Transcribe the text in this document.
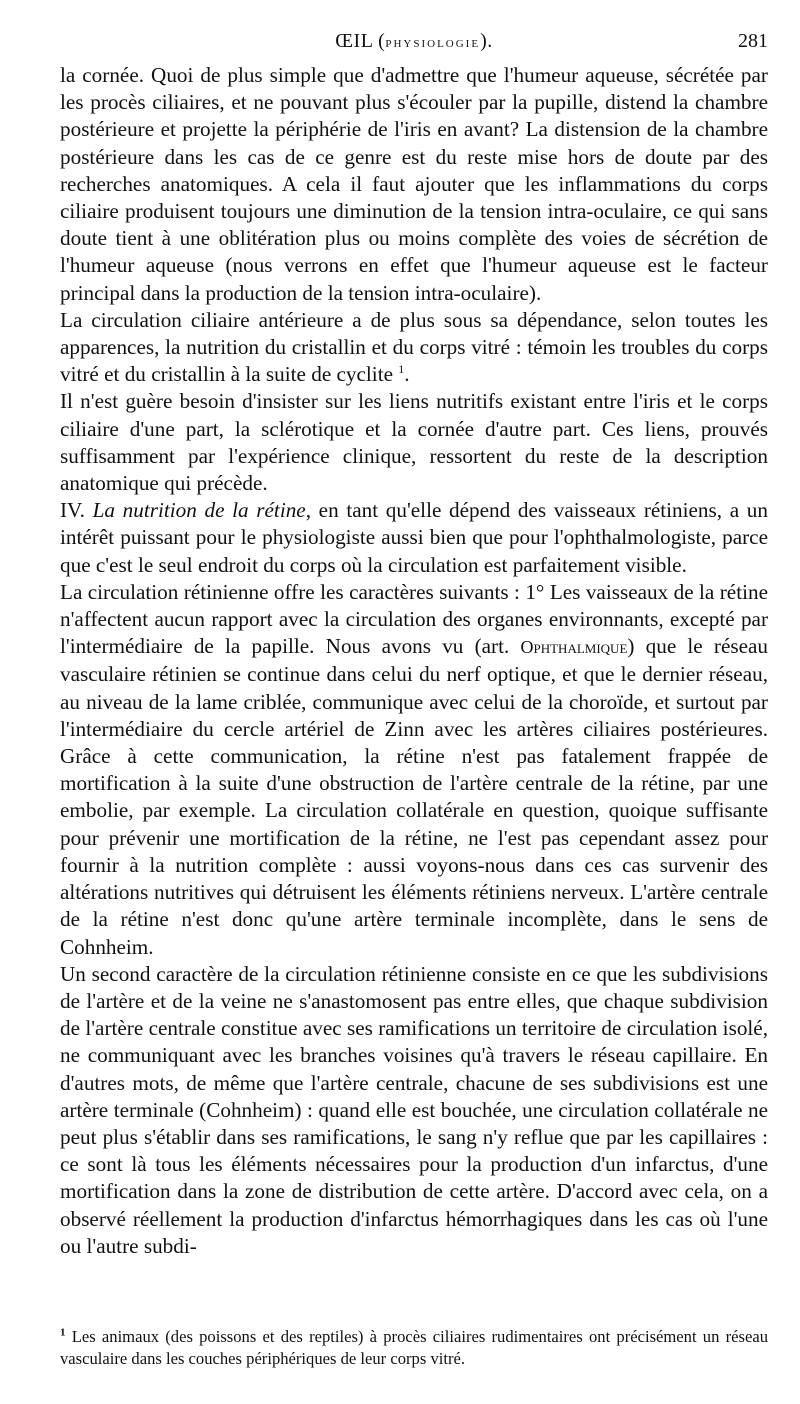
ŒIL (physiologie).	281

la cornée. Quoi de plus simple que d'admettre que l'humeur aqueuse, sécrétée par les procès ciliaires, et ne pouvant plus s'écouler par la pupille, distend la chambre postérieure et projette la périphérie de l'iris en avant? La distension de la chambre postérieure dans les cas de ce genre est du reste mise hors de doute par des recherches anatomiques. A cela il faut ajouter que les inflammations du corps ciliaire produisent toujours une diminution de la tension intra-oculaire, ce qui sans doute tient à une oblitération plus ou moins complète des voies de sécrétion de l'humeur aqueuse (nous verrons en effet que l'humeur aqueuse est le facteur principal dans la production de la tension intra-oculaire).

La circulation ciliaire antérieure a de plus sous sa dépendance, selon toutes les apparences, la nutrition du cristallin et du corps vitré : témoin les troubles du corps vitré et du cristallin à la suite de cyclite $^1$.

Il n'est guère besoin d'insister sur les liens nutritifs existant entre l'iris et le corps ciliaire d'une part, la sclérotique et la cornée d'autre part. Ces liens, prouvés suffisamment par l'expérience clinique, ressortent du reste de la description anatomique qui précède.

IV. La nutrition de la rétine, en tant qu'elle dépend des vaisseaux rétiniens, a un intérêt puissant pour le physiologiste aussi bien que pour l'ophthalmologiste, parce que c'est le seul endroit du corps où la circulation est parfaitement visible.

La circulation rétinienne offre les caractères suivants : 1° Les vaisseaux de la rétine n'affectent aucun rapport avec la circulation des organes environnants, excepté par l'intermédiaire de la papille. Nous avons vu (art. Ophthalmique) que le réseau vasculaire rétinien se continue dans celui du nerf optique, et que le dernier réseau, au niveau de la lame criblée, communique avec celui de la choroïde, et surtout par l'intermédiaire du cercle artériel de Zinn avec les artères ciliaires postérieures. Grâce à cette communication, la rétine n'est pas fatalement frappée de mortification à la suite d'une obstruction de l'artère centrale de la rétine, par une embolie, par exemple. La circulation collatérale en question, quoique suffisante pour prévenir une mortification de la rétine, ne l'est pas cependant assez pour fournir à la nutrition complète : aussi voyons-nous dans ces cas survenir des altérations nutritives qui détruisent les éléments rétiniens nerveux. L'artère centrale de la rétine n'est donc qu'une artère terminale incomplète, dans le sens de Cohnheim.

Un second caractère de la circulation rétinienne consiste en ce que les subdivisions de l'artère et de la veine ne s'anastomosent pas entre elles, que chaque subdivision de l'artère centrale constitue avec ses ramifications un territoire de circulation isolé, ne communiquant avec les branches voisines qu'à travers le réseau capillaire. En d'autres mots, de même que l'artère centrale, chacune de ses subdivisions est une artère terminale (Cohnheim) : quand elle est bouchée, une circulation collatérale ne peut plus s'établir dans ses ramifications, le sang n'y reflue que par les capillaires : ce sont là tous les éléments nécessaires pour la production d'un infarctus, d'une mortification dans la zone de distribution de cette artère. D'accord avec cela, on a observé réellement la production d'infarctus hémorrhagiques dans les cas où l'une ou l'autre subdi-

$^1$ Les animaux (des poissons et des reptiles) à procès ciliaires rudimentaires ont précisément un réseau vasculaire dans les couches périphériques de leur corps vitré.
